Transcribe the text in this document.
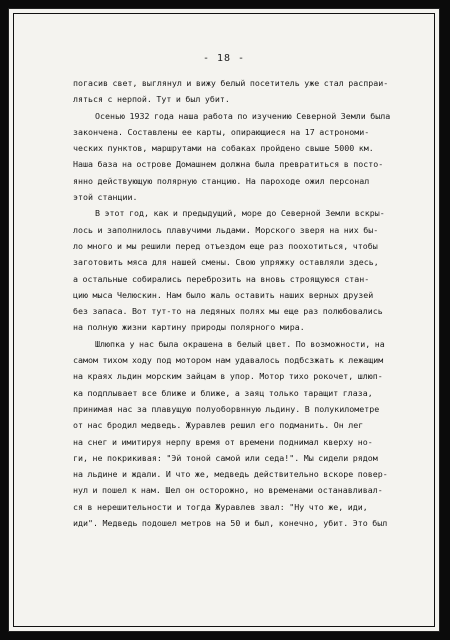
- 18 -
погасив свет, выглянул и вижу белый посетитель уже стал распраи-
ляться с нерпой. Тут и был убит.
Осенью 1932 года наша работа по изучению Северной Земли была
закончена. Составлены ее карты, опирающиеся на 17 астрономи-
ческих пунктов, маршрутами на собаках пройдено свыше 5000 км.
Наша база на острове Домашнем должна была превратиться в посто-
янно действующую полярную станцию. На пароходе ожил персонал
этой станции.
В этот год, как и предыдущий, море до Северной Земли вскры-
лось и заполнилось плавучими льдами. Морского зверя на них бы-
ло много и мы решили перед отъездом еще раз поохотиться, чтобы
заготовить мяса для нашей смены. Свою упряжку оставляли здесь,
а остальные собирались переброзить на вновь строящуюся стан-
цию мыса Челюскин. Нам было жаль оставить наших верных друзей
без запаса. Вот тут-то на ледяных полях мы еще раз полюбовались
на полную жизни картину природы полярного мира.
Шлюпка у нас была окрашена в белый цвет. По возможности, на
самом тихом ходу под мотором нам удавалось подбсзжать к лежащим
на краях льдин морским зайцам в упор. Мотор тихо рокочет, шлюп-
ка подплывает все ближе и ближе, а заяц только таращит глаза,
принимая нас за плавущую полуоборвнную льдину. В полукилометре
от нас бродил медведь. Журавлев решил его подманить. Он лег
на снег и имитируя нерпу время от времени поднимал кверху но-
ги, не покрикивая: "Эй тоной самой или седа!". Мы сидели рядом
на льдине и ждали. И что же, медведь действительно вскоре повер-
нул и пошел к нам. Шел он осторожно, но временами останавливал-
ся в нерешительности и тогда Журавлев звал: "Ну что же, иди,
иди". Медведь подошел метров на 50 и был, конечно, убит. Это был
